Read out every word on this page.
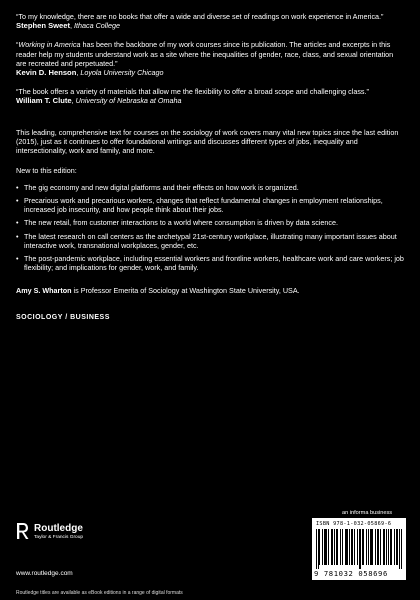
“To my knowledge, there are no books that offer a wide and diverse set of readings on work experience in America.”

Stephen Sweet, Ithaca College

“Working in America has been the backbone of my work courses since its publication. The articles and excerpts in this reader help my students understand work as a site where the inequalities of gender, race, class, and sexual orientation are recreated and perpetuated.”

Kevin D. Henson, Loyola University Chicago

“The book offers a variety of materials that allow me the flexibility to offer a broad scope and challenging class.”

William T. Clute, University of Nebraska at Omaha

This leading, comprehensive text for courses on the sociology of work covers many vital new topics since the last edition (2015), just as it continues to offer foundational writings and discusses different types of jobs, inequality and intersectionality, work and family, and more.

New to this edition:

• The gig economy and new digital platforms and their effects on how work is organized.
• Precarious work and precarious workers, changes that reflect fundamental changes in employment relationships, increased job insecurity, and how people think about their jobs.
• The new retail, from customer interactions to a world where consumption is driven by data science.
• The latest research on call centers as the archetypal 21st-century workplace, illustrating many important issues about interactive work, transnational workplaces, gender, etc.
• The post-pandemic workplace, including essential workers and frontline workers, healthcare work and care workers; job flexibility; and implications for gender, work, and family.

Amy S. Wharton is Professor Emerita of Sociology at Washington State University, USA.

SOCIOLOGY / BUSINESS
Routledge
Taylor & Francis Group
www.routledge.com
Routledge titles are available as eBook editions in a range of digital formats
an informa business
ISBN 978-1-032-05869-6
9 781032 058696
